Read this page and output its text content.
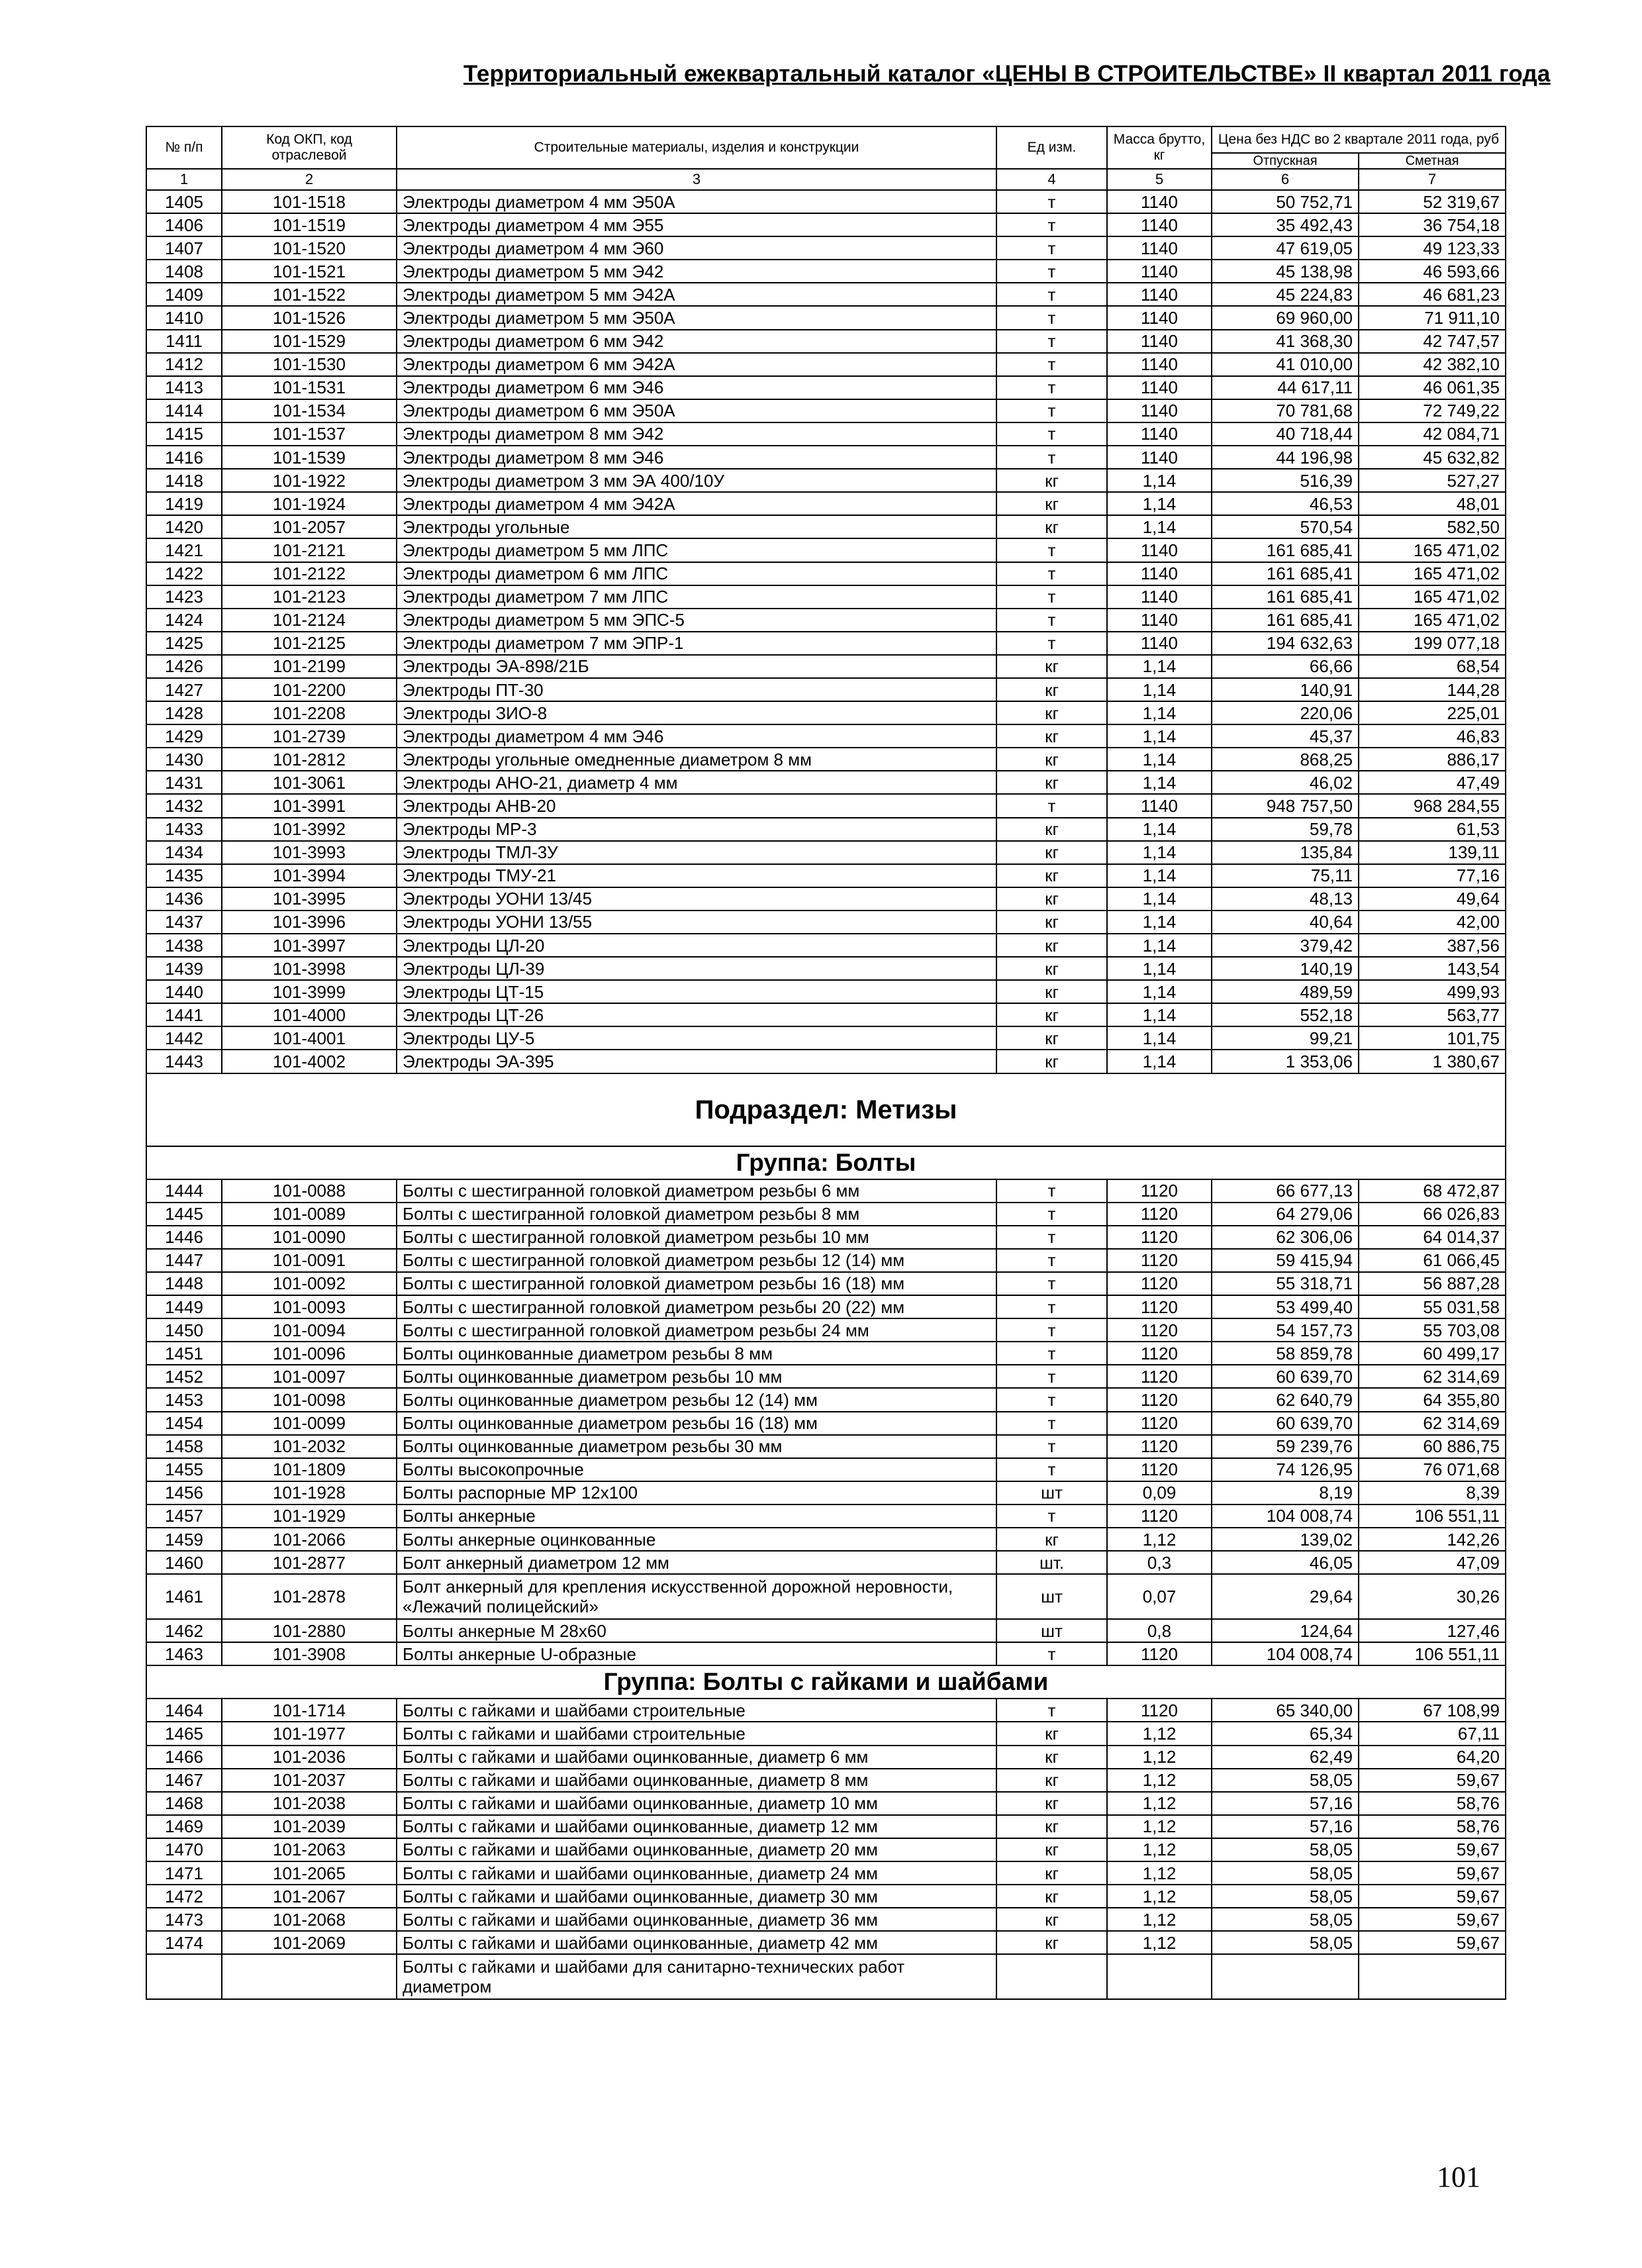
Территориальный ежеквартальный каталог «ЦЕНЫ В СТРОИТЕЛЬСТВЕ» II квартал 2011 года
№ п/п	Код ОКП, код отраслевой	Строительные материалы, изделия и конструкции	Ед изм.	Масса брутто, кг	Цена без НДС во 2 квартале 2011 года, руб	
					Отпускная	Сметная
1	2	3	4	5	6	7
1405	101-1518	Электроды диаметром 4 мм Э50А	т	1140	50 752,71	52 319,67
1406	101-1519	Электроды диаметром 4 мм Э55	т	1140	35 492,43	36 754,18
1407	101-1520	Электроды диаметром 4 мм Э60	т	1140	47 619,05	49 123,33
1408	101-1521	Электроды диаметром 5 мм Э42	т	1140	45 138,98	46 593,66
1409	101-1522	Электроды диаметром 5 мм Э42А	т	1140	45 224,83	46 681,23
1410	101-1526	Электроды диаметром 5 мм Э50А	т	1140	69 960,00	71 911,10
1411	101-1529	Электроды диаметром 6 мм Э42	т	1140	41 368,30	42 747,57
1412	101-1530	Электроды диаметром 6 мм Э42А	т	1140	41 010,00	42 382,10
1413	101-1531	Электроды диаметром 6 мм Э46	т	1140	44 617,11	46 061,35
1414	101-1534	Электроды диаметром 6 мм Э50А	т	1140	70 781,68	72 749,22
1415	101-1537	Электроды диаметром 8 мм Э42	т	1140	40 718,44	42 084,71
1416	101-1539	Электроды диаметром 8 мм Э46	т	1140	44 196,98	45 632,82
1418	101-1922	Электроды диаметром 3 мм ЭА 400/10У	кг	1,14	516,39	527,27
1419	101-1924	Электроды диаметром 4 мм Э42А	кг	1,14	46,53	48,01
1420	101-2057	Электроды угольные	кг	1,14	570,54	582,50
1421	101-2121	Электроды диаметром 5 мм ЛПС	т	1140	161 685,41	165 471,02
1422	101-2122	Электроды диаметром 6 мм ЛПС	т	1140	161 685,41	165 471,02
1423	101-2123	Электроды диаметром 7 мм ЛПС	т	1140	161 685,41	165 471,02
1424	101-2124	Электроды диаметром 5 мм ЭПС-5	т	1140	161 685,41	165 471,02
1425	101-2125	Электроды диаметром 7 мм ЭПР-1	т	1140	194 632,63	199 077,18
1426	101-2199	Электроды ЭА-898/21Б	кг	1,14	66,66	68,54
1427	101-2200	Электроды ПТ-30	кг	1,14	140,91	144,28
1428	101-2208	Электроды ЗИО-8	кг	1,14	220,06	225,01
1429	101-2739	Электроды диаметром 4 мм Э46	кг	1,14	45,37	46,83
1430	101-2812	Электроды угольные омедненные диаметром 8 мм	кг	1,14	868,25	886,17
1431	101-3061	Электроды АНО-21, диаметр 4 мм	кг	1,14	46,02	47,49
1432	101-3991	Электроды АНВ-20	т	1140	948 757,50	968 284,55
1433	101-3992	Электроды МР-3	кг	1,14	59,78	61,53
1434	101-3993	Электроды ТМЛ-3У	кг	1,14	135,84	139,11
1435	101-3994	Электроды ТМУ-21	кг	1,14	75,11	77,16
1436	101-3995	Электроды УОНИ 13/45	кг	1,14	48,13	49,64
1437	101-3996	Электроды УОНИ 13/55	кг	1,14	40,64	42,00
1438	101-3997	Электроды ЦЛ-20	кг	1,14	379,42	387,56
1439	101-3998	Электроды ЦЛ-39	кг	1,14	140,19	143,54
1440	101-3999	Электроды ЦТ-15	кг	1,14	489,59	499,93
1441	101-4000	Электроды ЦТ-26	кг	1,14	552,18	563,77
1442	101-4001	Электроды ЦУ-5	кг	1,14	99,21	101,75
1443	101-4002	Электроды ЭА-395	кг	1,14	1 353,06	1 380,67
Подраздел: Метизы						
Группа: Болты						
1444	101-0088	Болты с шестигранной головкой диаметром резьбы 6 мм	т	1120	66 677,13	68 472,87
1445	101-0089	Болты с шестигранной головкой диаметром резьбы 8 мм	т	1120	64 279,06	66 026,83
1446	101-0090	Болты с шестигранной головкой диаметром резьбы 10 мм	т	1120	62 306,06	64 014,37
1447	101-0091	Болты с шестигранной головкой диаметром резьбы 12 (14) мм	т	1120	59 415,94	61 066,45
1448	101-0092	Болты с шестигранной головкой диаметром резьбы 16 (18) мм	т	1120	55 318,71	56 887,28
1449	101-0093	Болты с шестигранной головкой диаметром резьбы 20 (22) мм	т	1120	53 499,40	55 031,58
1450	101-0094	Болты с шестигранной головкой диаметром резьбы 24 мм	т	1120	54 157,73	55 703,08
1451	101-0096	Болты оцинкованные диаметром резьбы 8 мм	т	1120	58 859,78	60 499,17
1452	101-0097	Болты оцинкованные диаметром резьбы 10 мм	т	1120	60 639,70	62 314,69
1453	101-0098	Болты оцинкованные диаметром резьбы 12 (14) мм	т	1120	62 640,79	64 355,80
1454	101-0099	Болты оцинкованные диаметром резьбы 16 (18) мм	т	1120	60 639,70	62 314,69
1458	101-2032	Болты оцинкованные диаметром резьбы 30 мм	т	1120	59 239,76	60 886,75
1455	101-1809	Болты высокопрочные	т	1120	74 126,95	76 071,68
1456	101-1928	Болты распорные МР 12х100	шт	0,09	8,19	8,39
1457	101-1929	Болты анкерные	т	1120	104 008,74	106 551,11
1459	101-2066	Болты анкерные оцинкованные	кг	1,12	139,02	142,26
1460	101-2877	Болт анкерный диаметром 12 мм	шт.	0,3	46,05	47,09
1461	101-2878	Болт анкерный для крепления искусственной дорожной неровности, «Лежачий полицейский»	шт	0,07	29,64	30,26
1462	101-2880	Болты анкерные М 28х60	шт	0,8	124,64	127,46
1463	101-3908	Болты анкерные U-образные	т	1120	104 008,74	106 551,11
Группа: Болты с гайками и шайбами						
1464	101-1714	Болты с гайками и шайбами строительные	т	1120	65 340,00	67 108,99
1465	101-1977	Болты с гайками и шайбами строительные	кг	1,12	65,34	67,11
1466	101-2036	Болты с гайками и шайбами оцинкованные, диаметр 6 мм	кг	1,12	62,49	64,20
1467	101-2037	Болты с гайками и шайбами оцинкованные, диаметр 8 мм	кг	1,12	58,05	59,67
1468	101-2038	Болты с гайками и шайбами оцинкованные, диаметр 10 мм	кг	1,12	57,16	58,76
1469	101-2039	Болты с гайками и шайбами оцинкованные, диаметр 12 мм	кг	1,12	57,16	58,76
1470	101-2063	Болты с гайками и шайбами оцинкованные, диаметр 20 мм	кг	1,12	58,05	59,67
1471	101-2065	Болты с гайками и шайбами оцинкованные, диаметр 24 мм	кг	1,12	58,05	59,67
1472	101-2067	Болты с гайками и шайбами оцинкованные, диаметр 30 мм	кг	1,12	58,05	59,67
1473	101-2068	Болты с гайками и шайбами оцинкованные, диаметр 36 мм	кг	1,12	58,05	59,67
1474	101-2069	Болты с гайками и шайбами оцинкованные, диаметр 42 мм	кг	1,12	58,05	59,67
		Болты с гайками и шайбами для санитарно-технических работ диаметром				
101
